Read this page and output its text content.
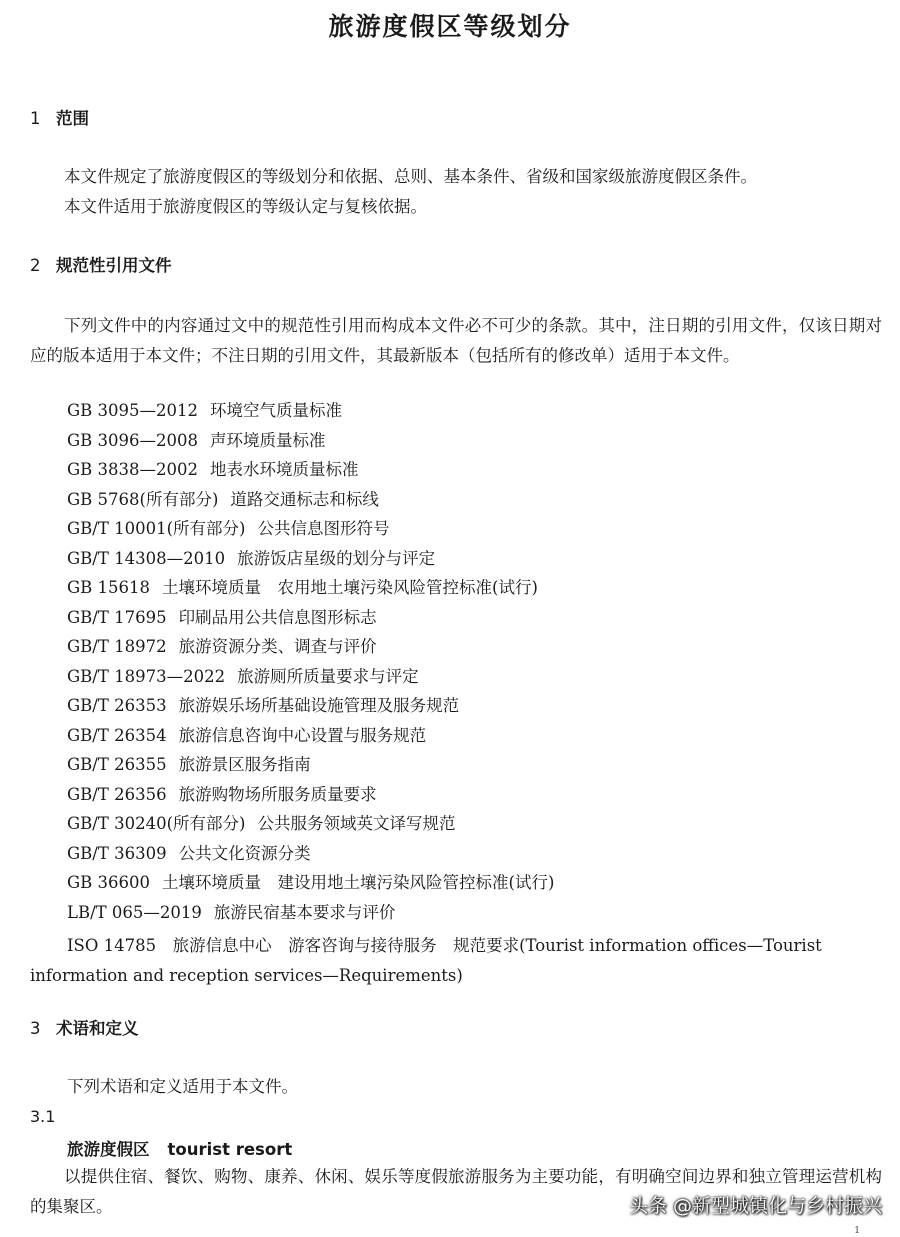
旅游度假区等级划分
1 范围
本文件规定了旅游度假区的等级划分和依据、总则、基本条件、省级和国家级旅游度假区条件。
本文件适用于旅游度假区的等级认定与复核依据。
2 规范性引用文件
下列文件中的内容通过文中的规范性引用而构成本文件必不可少的条款。其中，注日期的引用文件，仅该日期对应的版本适用于本文件；不注日期的引用文件，其最新版本（包括所有的修改单）适用于本文件。
GB 3095—2012 环境空气质量标准
GB 3096—2008 声环境质量标准
GB 3838—2002 地表水环境质量标准
GB 5768(所有部分) 道路交通标志和标线
GB/T 10001(所有部分) 公共信息图形符号
GB/T 14308—2010 旅游饭店星级的划分与评定
GB 15618 土壤环境质量　农用地土壤污染风险管控标准(试行)
GB/T 17695 印刷品用公共信息图形标志
GB/T 18972 旅游资源分类、调查与评价
GB/T 18973—2022 旅游厕所质量要求与评定
GB/T 26353 旅游娱乐场所基础设施管理及服务规范
GB/T 26354 旅游信息咨询中心设置与服务规范
GB/T 26355 旅游景区服务指南
GB/T 26356 旅游购物场所服务质量要求
GB/T 30240(所有部分) 公共服务领域英文译写规范
GB/T 36309 公共文化资源分类
GB 36600 土壤环境质量　建设用地土壤污染风险管控标准(试行)
LB/T 065—2019 旅游民宿基本要求与评价
ISO 14785　旅游信息中心　游客咨询与接待服务　规范要求(Tourist information offices—Tourist information and reception services—Requirements)
3 术语和定义
下列术语和定义适用于本文件。
3.1
旅游度假区 tourist resort
以提供住宿、餐饮、购物、康养、休闲、娱乐等度假旅游服务为主要功能，有明确空间边界和独立管理运营机构的集聚区。	头条 @新型城镇化与乡村振兴
1
